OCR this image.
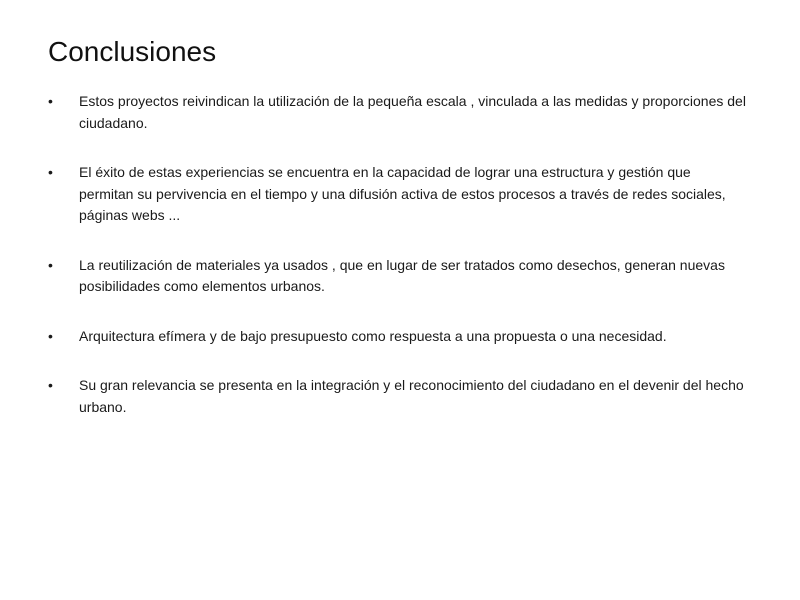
Conclusiones
• Estos proyectos reivindican la utilización de la pequeña escala , vinculada a las medidas y proporciones del ciudadano.
• El éxito de estas experiencias se encuentra en la capacidad de lograr una estructura y gestión que permitan su pervivencia en el tiempo y una difusión activa de estos procesos a través de redes sociales, páginas webs ...
• La reutilización de materiales ya usados , que en lugar de ser tratados como desechos, generan nuevas posibilidades como elementos urbanos.
• Arquitectura efímera y de bajo presupuesto como respuesta a una propuesta o una necesidad.
• Su gran relevancia se presenta en la integración y el reconocimiento del ciudadano en el devenir del hecho urbano.
